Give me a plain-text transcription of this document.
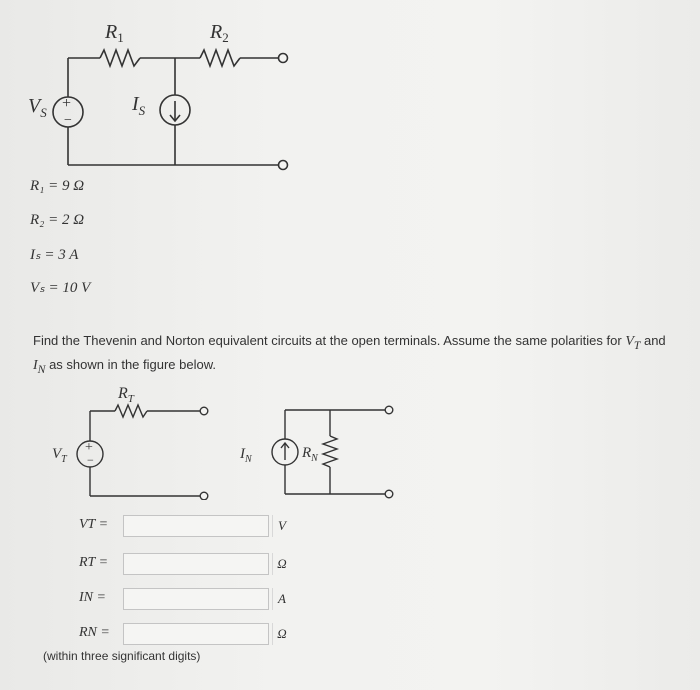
+
−
$R_1$	$R_2$
$V_S$	$I_S$
R₁ = 9 Ω
R₂ = 2 Ω
Iₛ = 3 A
Vₛ = 10 V
Find the Thevenin and Norton equivalent circuits at the open terminals. Assume the same polarities for $V_T$ and
$I_N$ as shown in the figure below.
+
−
$R_T$
$V_T$	$I_N$	$R_N$
VT =	V
RT =	Ω
IN =	A
RN =	Ω
(within three significant digits)
